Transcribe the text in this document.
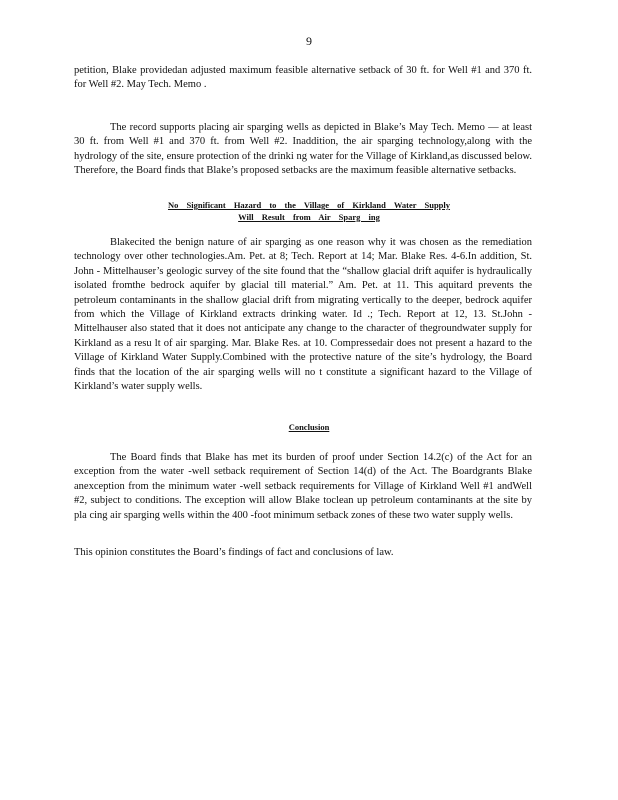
9

petition, Blake providedan adjusted maximum feasible alternative setback of 30 ft. for Well #1 and 370 ft. for Well #2. May Tech. Memo .

The record supports placing air sparging wells as depicted in Blake’s May Tech. Memo — at least 30 ft. from Well #1 and 370 ft. from Well #2. Inaddition, the air sparging technology,along with the hydrology of the site, ensure protection of the drinki ng water for the Village of Kirkland,as discussed below. Therefore, the Board finds that Blake’s proposed setbacks are the maximum feasible alternative setbacks.

No Significant Hazard to the Village of Kirkland Water Supply
Will Result from Air Sparg ing

Blakecited the benign nature of air sparging as one reason why it was chosen as the remediation technology over other technologies.Am. Pet. at 8; Tech. Report at 14; Mar. Blake Res. 4-6.In addition, St. John - Mittelhauser’s geologic survey of the site found that the “shallow glacial drift aquifer is hydraulically isolated fromthe bedrock aquifer by glacial till material.” Am. Pet. at 11. This aquitard prevents the petroleum contaminants in the shallow glacial drift from migrating vertically to the deeper, bedrock aquifer from which the Village of Kirkland extracts drinking water. Id .; Tech. Report at 12, 13. St.John -Mittelhauser also stated that it does not anticipate any change to the character of thegroundwater supply for Kirkland as a resu lt of air sparging. Mar. Blake Res. at 10. Compressedair does not present a hazard to the Village of Kirkland Water Supply.Combined with the protective nature of the site’s hydrology, the Board finds that the location of the air sparging wells will no t constitute a significant hazard to the Village of Kirkland’s water supply wells.

Conclusion

The Board finds that Blake has met its burden of proof under Section 14.2(c) of the Act for an exception from the water -well setback requirement of Section 14(d) of the Act. The Boardgrants Blake anexception from the minimum water -well setback requirements for Village of Kirkland Well #1 andWell #2, subject to conditions. The exception will allow Blake toclean up petroleum contaminants at the site by pla cing air sparging wells within the 400 -foot minimum setback zones of these two water supply wells.

This opinion constitutes the Board’s findings of fact and conclusions of law.
